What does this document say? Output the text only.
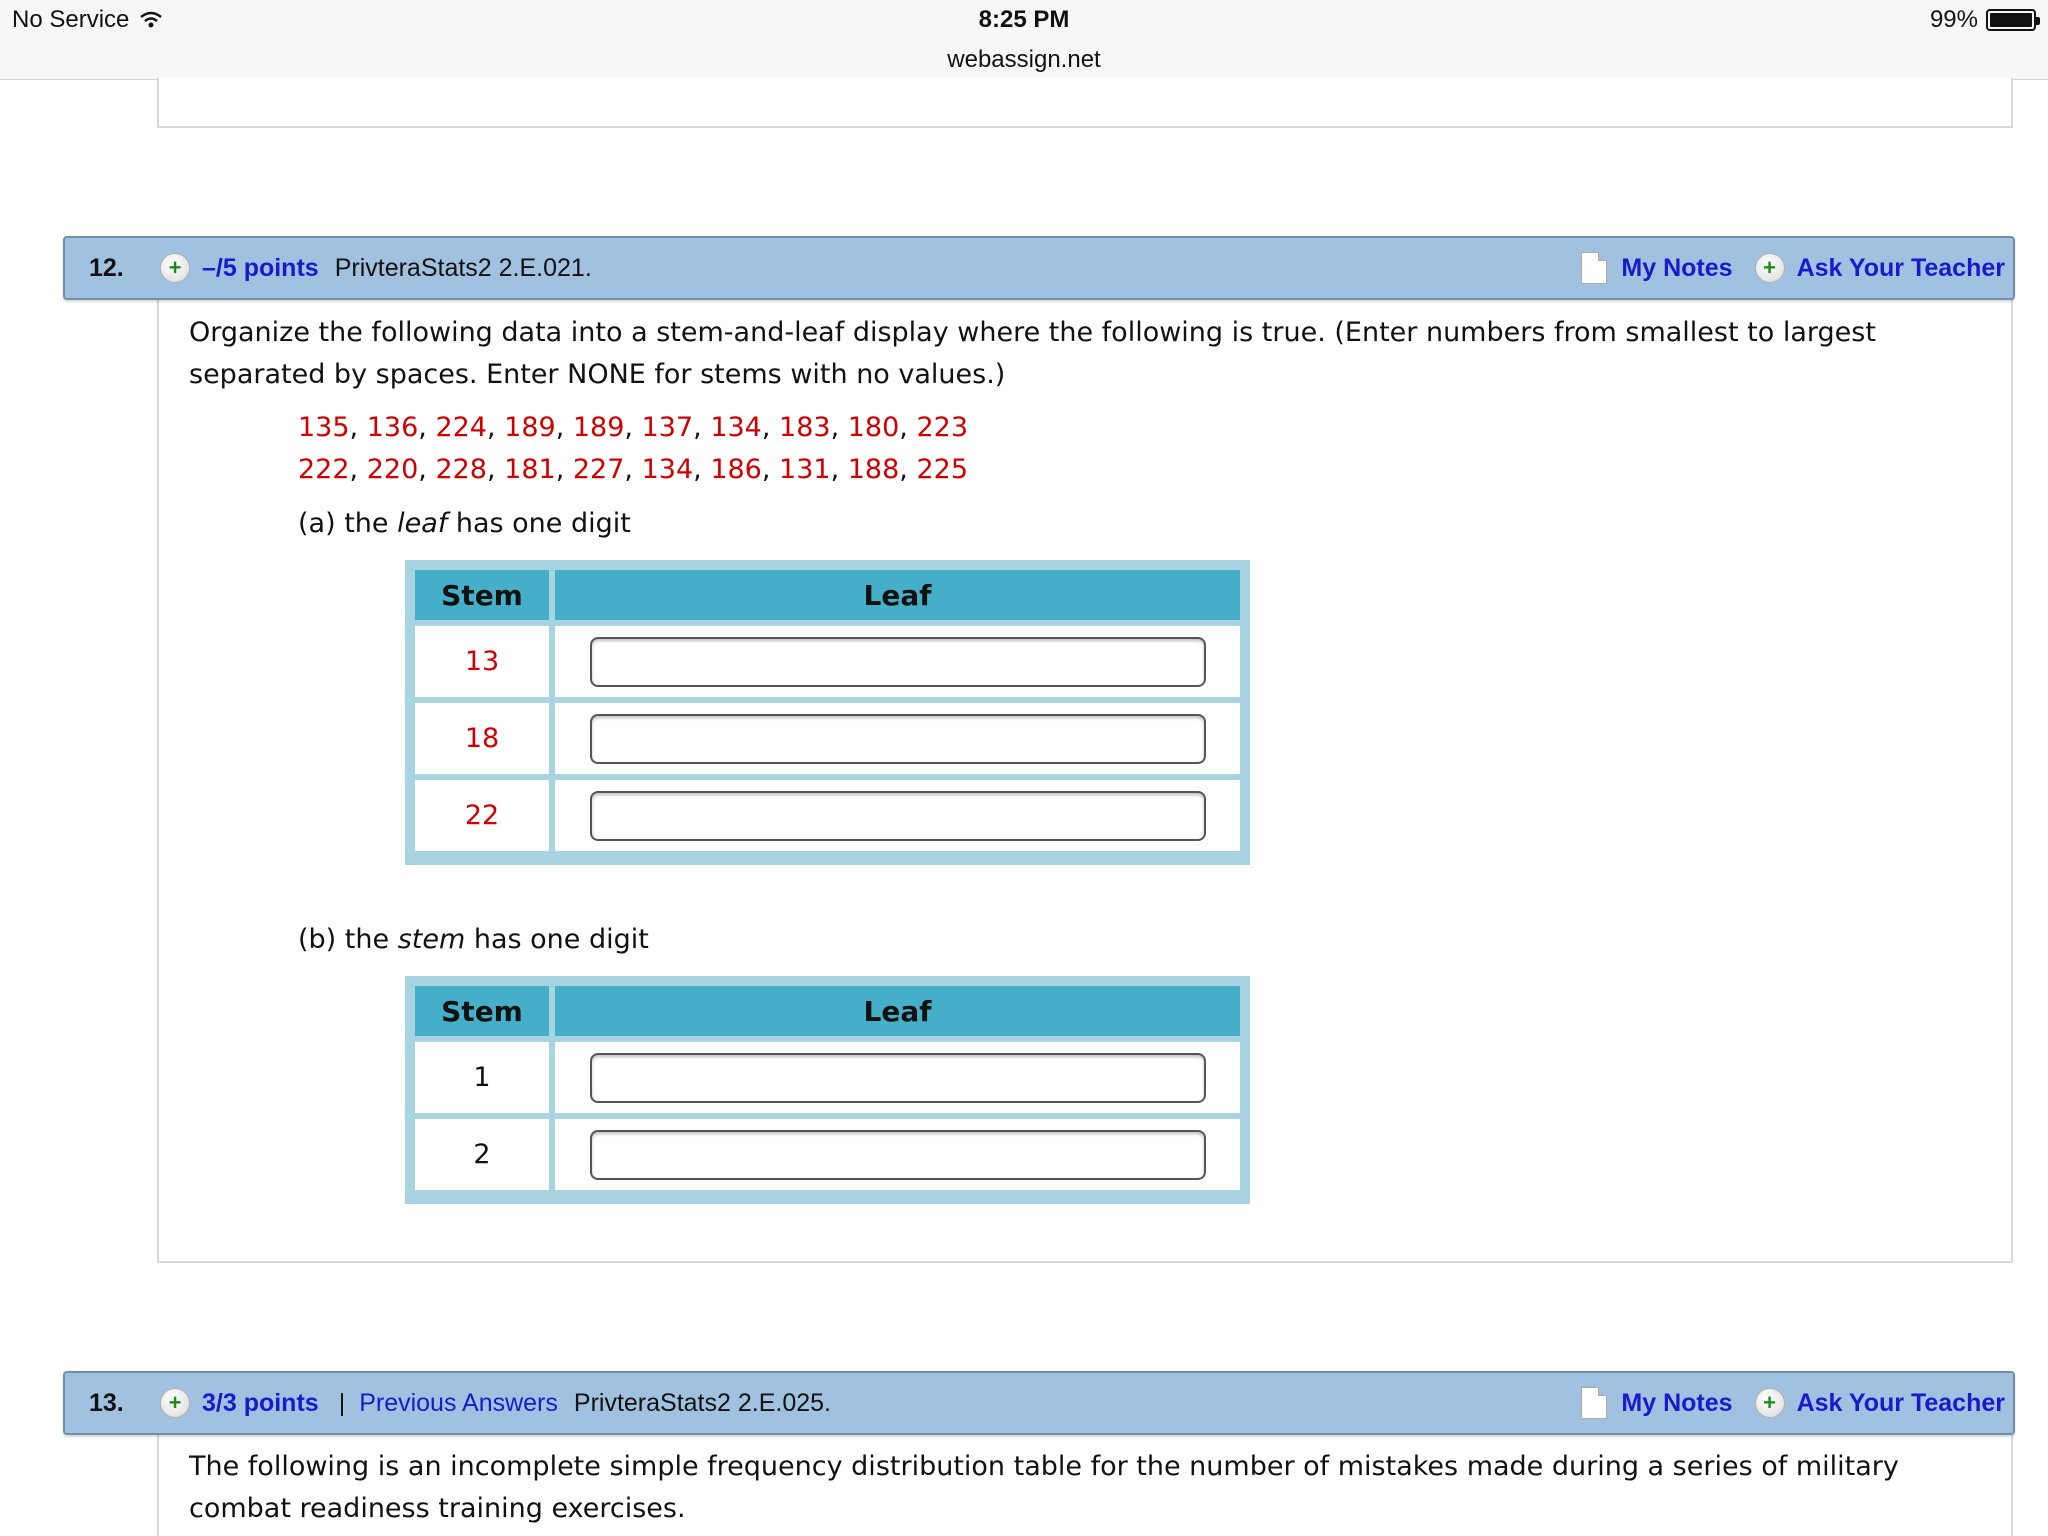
No Service	8:25 PM
webassign.net
99%
12.	+ –/5 points PrivteraStats2 2.E.021.	My Notes	+ Ask Your Teacher
Organize the following data into a stem-and-leaf display where the following is true. (Enter numbers from smallest to largest separated by spaces. Enter NONE for stems with no values.)
135, 136, 224, 189, 189, 137, 134, 183, 180, 223
222, 220, 228, 181, 227, 134, 186, 131, 188, 225
(a) the leaf has one digit
Stem	Leaf
13
18
22
(b) the stem has one digit
Stem	Leaf
1
2
13.	+ 3/3 points | Previous Answers PrivteraStats2 2.E.025.	My Notes	+ Ask Your Teacher
The following is an incomplete simple frequency distribution table for the number of mistakes made during a series of military combat readiness training exercises.
